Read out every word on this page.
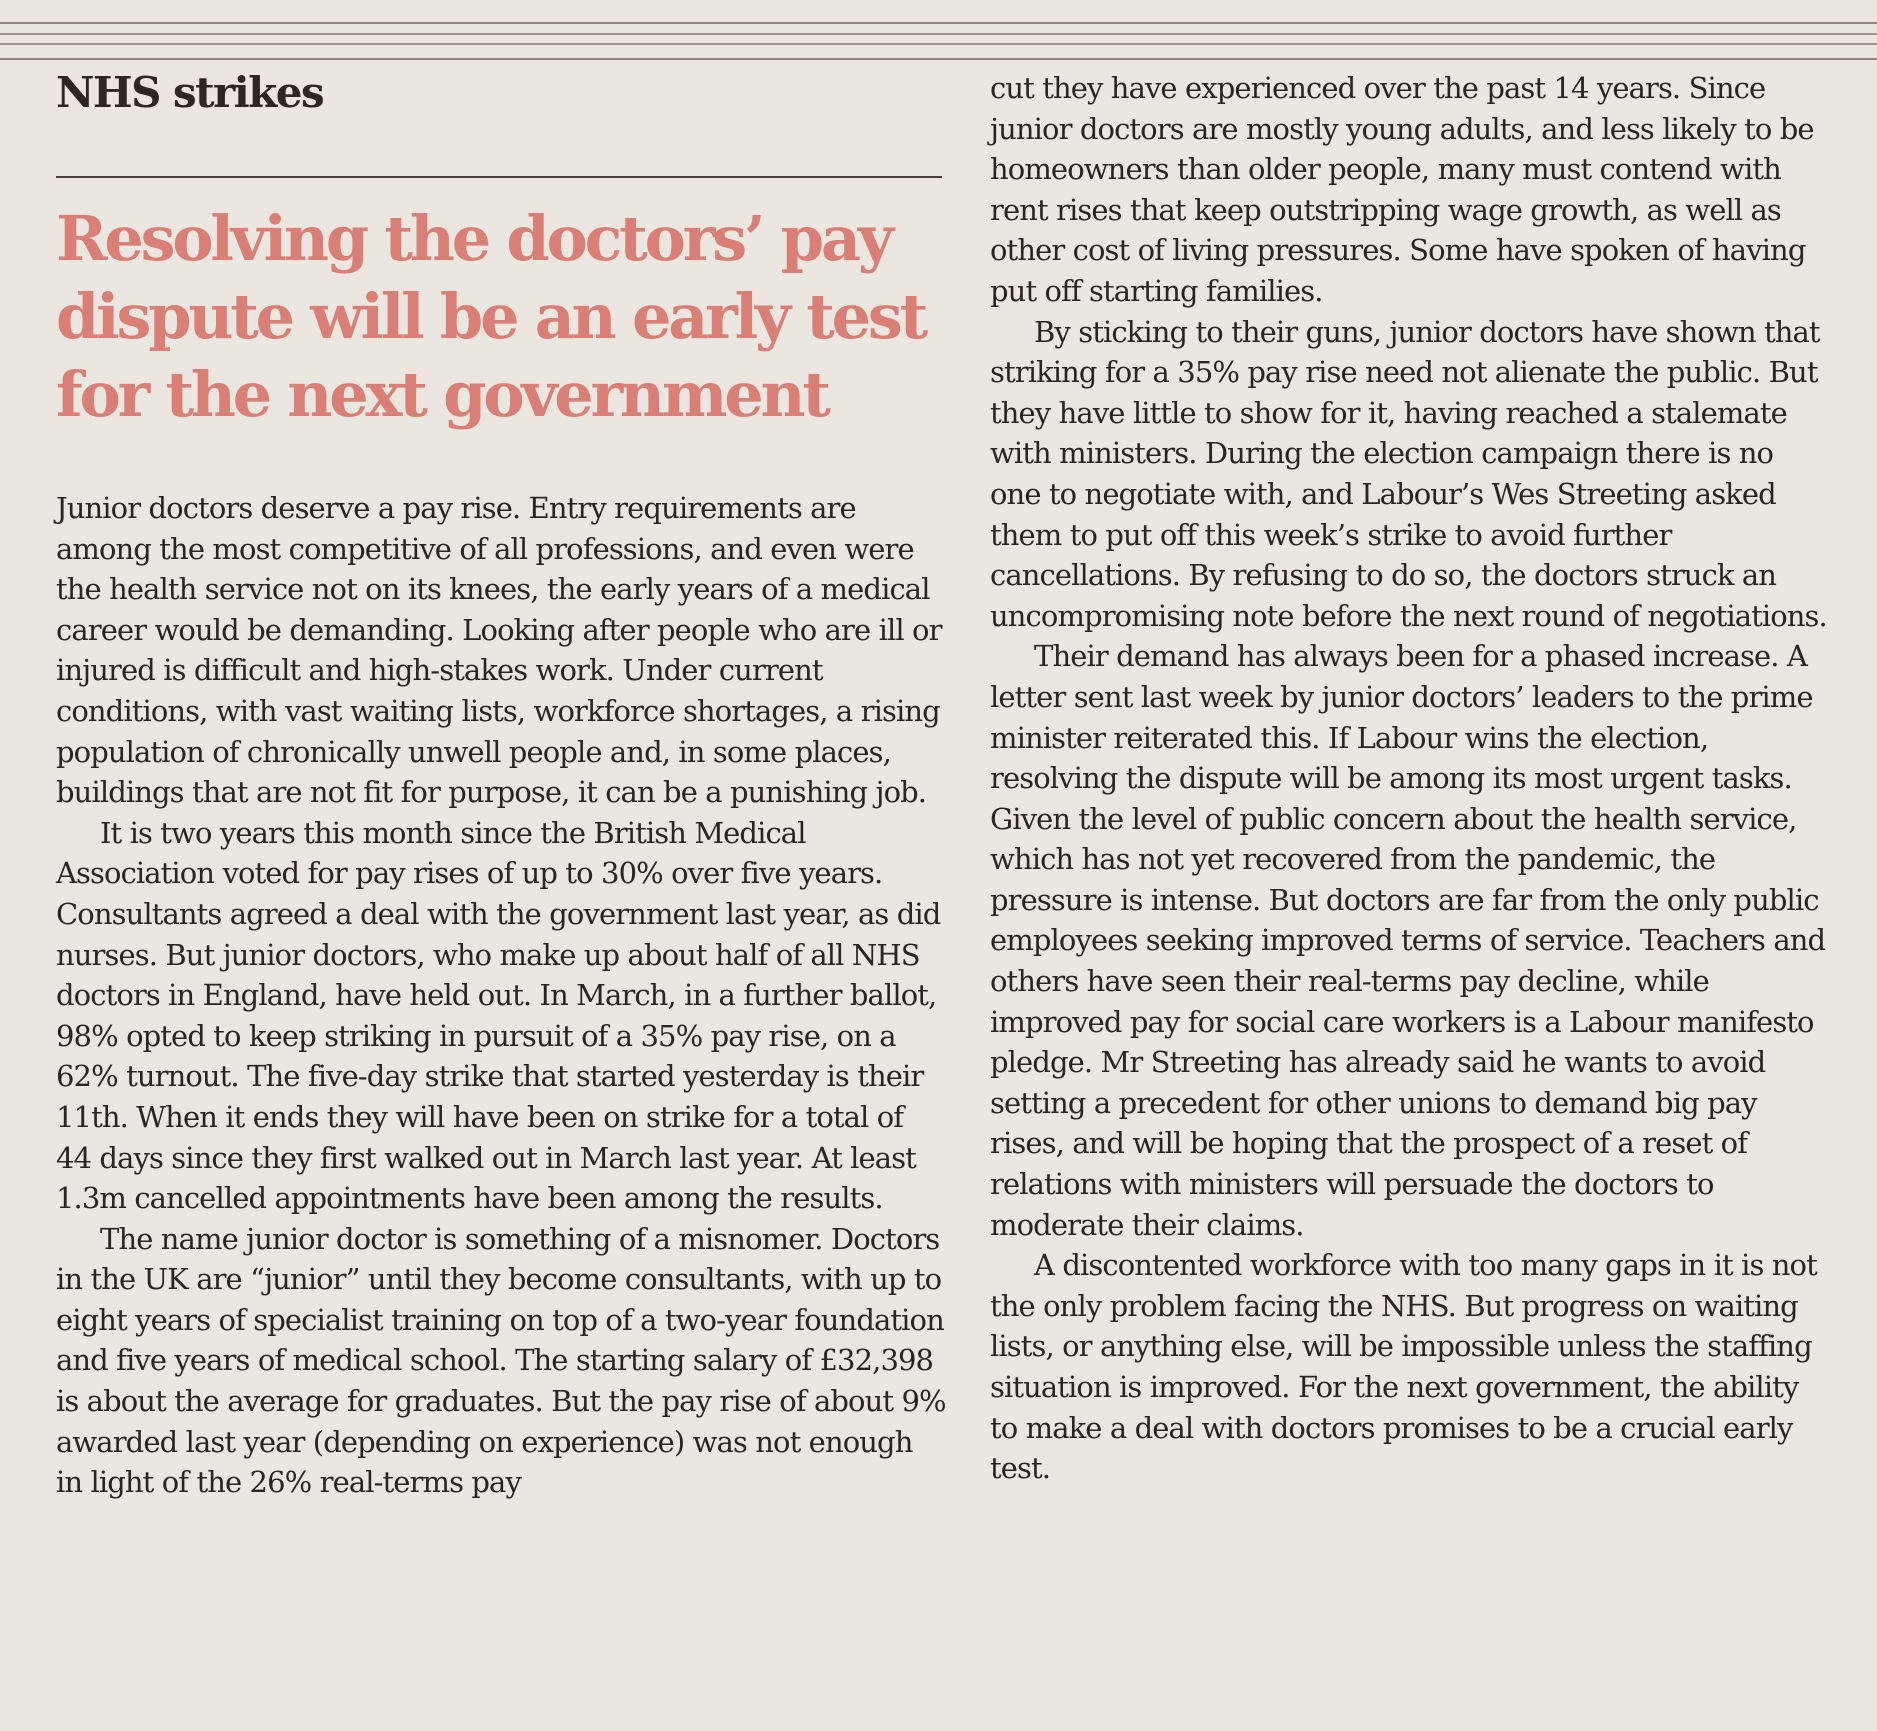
NHS strikes
Resolving the doctors’ pay dispute will be an early test for the next government

Junior doctors deserve a pay rise. Entry requirements are among the most competitive of all professions, and even were the health service not on its knees, the early years of a medical career would be demanding. Looking after people who are ill or injured is difficult and high-stakes work. Under current conditions, with vast waiting lists, workforce shortages, a rising population of chronically unwell people and, in some places, buildings that are not fit for purpose, it can be a punishing job.

It is two years this month since the British Medical Association voted for pay rises of up to 30% over five years. Consultants agreed a deal with the government last year, as did nurses. But junior doctors, who make up about half of all NHS doctors in England, have held out. In March, in a further ballot, 98% opted to keep striking in pursuit of a 35% pay rise, on a 62% turnout. The five-day strike that started yesterday is their 11th. When it ends they will have been on strike for a total of 44 days since they first walked out in March last year. At least 1.3m cancelled appointments have been among the results.

The name junior doctor is something of a misnomer. Doctors in the UK are “junior” until they become consultants, with up to eight years of specialist training on top of a two-year foundation and five years of medical school. The starting salary of £32,398 is about the average for graduates. But the pay rise of about 9% awarded last year (depending on experience) was not enough in light of the 26% real-terms pay

cut they have experienced over the past 14 years. Since junior doctors are mostly young adults, and less likely to be homeowners than older people, many must contend with rent rises that keep outstripping wage growth, as well as other cost of living pressures. Some have spoken of having put off starting families.

By sticking to their guns, junior doctors have shown that striking for a 35% pay rise need not alienate the public. But they have little to show for it, having reached a stalemate with ministers. During the election campaign there is no one to negotiate with, and Labour’s Wes Streeting asked them to put off this week’s strike to avoid further cancellations. By refusing to do so, the doctors struck an uncompromising note before the next round of negotiations.

Their demand has always been for a phased increase. A letter sent last week by junior doctors’ leaders to the prime minister reiterated this. If Labour wins the election, resolving the dispute will be among its most urgent tasks. Given the level of public concern about the health service, which has not yet recovered from the pandemic, the pressure is intense. But doctors are far from the only public employees seeking improved terms of service. Teachers and others have seen their real-terms pay decline, while improved pay for social care workers is a Labour manifesto pledge. Mr Streeting has already said he wants to avoid setting a precedent for other unions to demand big pay rises, and will be hoping that the prospect of a reset of relations with ministers will persuade the doctors to moderate their claims.

A discontented workforce with too many gaps in it is not the only problem facing the NHS. But progress on waiting lists, or anything else, will be impossible unless the staffing situation is improved. For the next government, the ability to make a deal with doctors promises to be a crucial early test.
